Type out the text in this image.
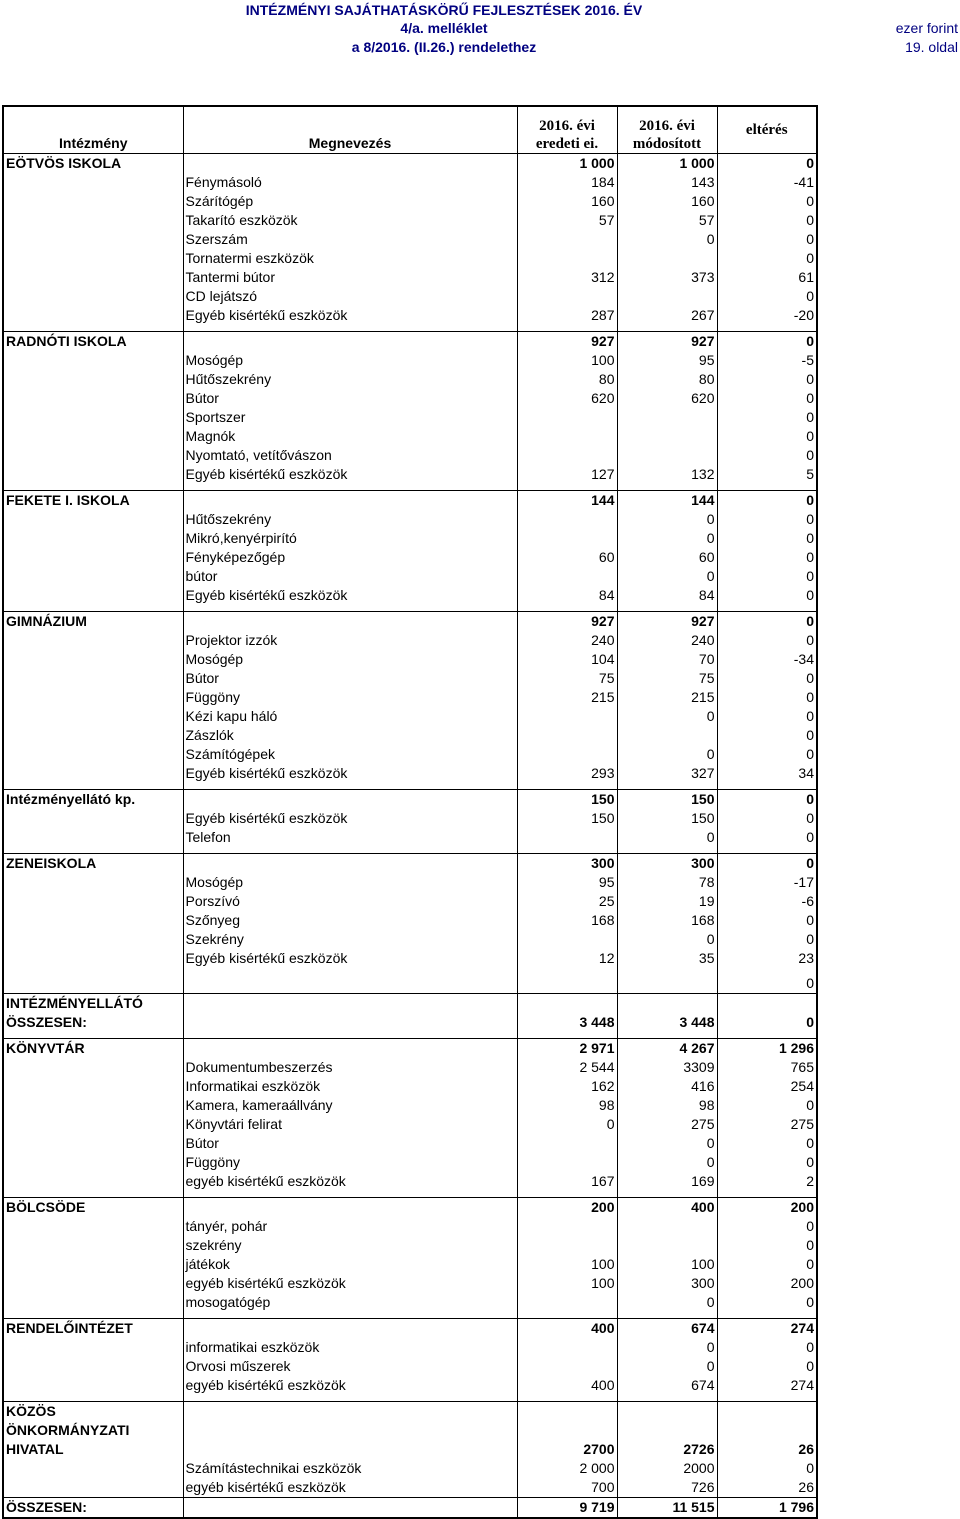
INTÉZMÉNYI SAJÁTHATÁSKÖRŰ FEJLESZTÉSEK 2016. ÉV
4/a. melléklet
a 8/2016. (II.26.) rendelethez
ezer forint
19. oldal
Intézmény	Megnevezés	2016. évi eredeti ei.	2016. évi módosított	eltérés
EÖTVÖS ISKOLA		1 000	1 000	0
	Fénymásoló	184	143	-41
	Szárítógép	160	160	0
	Takarító eszközök	57	57	0
	Szerszám		0	0
	Tornatermi eszközök			0
	Tantermi bútor	312	373	61
	CD lejátszó			0
	Egyéb kisértékű eszközök	287	267	-20

RADNÓTI ISKOLA		927	927	0
	Mosógép	100	95	-5
	Hűtőszekrény	80	80	0
	Bútor	620	620	0
	Sportszer			0
	Magnók			0
	Nyomtató, vetítővászon			0
	Egyéb kisértékű eszközök	127	132	5

FEKETE I. ISKOLA		144	144	0
	Hűtőszekrény		0	0
	Mikró,kenyérpirító		0	0
	Fényképezőgép	60	60	0
	bútor		0	0
	Egyéb kisértékű eszközök	84	84	0

GIMNÁZIUM		927	927	0
	Projektor izzók	240	240	0
	Mosógép	104	70	-34
	Bútor	75	75	0
	Függöny	215	215	0
	Kézi kapu háló		0	0
	Zászlók			0
	Számítógépek		0	0
	Egyéb kisértékű eszközök	293	327	34

Intézményellátó kp.		150	150	0
	Egyéb kisértékű eszközök	150	150	0
	Telefon		0	0

ZENEISKOLA		300	300	0
	Mosógép	95	78	-17
	Porszívó	25	19	-6
	Szőnyeg	168	168	0
	Szekrény		0	0
	Egyéb kisértékű eszközök	12	35	23

				0

INTÉZMÉNYELLÁTÓ
ÖSSZESEN:		3 448	3 448	0

KÖNYVTÁR		2 971	4 267	1 296
	Dokumentumbeszerzés	2 544	3309	765
	Informatikai eszközök	162	416	254
	Kamera, kameraállvány	98	98	0
	Könyvtári felirat	0	275	275
	Bútor		0	0
	Függöny		0	0
	egyéb kisértékű eszközök	167	169	2

BÖLCSÖDE		200	400	200
	tányér, pohár			0
	szekrény			0
	játékok	100	100	0
	egyéb kisértékű eszközök	100	300	200
	mosogatógép		0	0

RENDELŐINTÉZET		400	674	274
	informatikai eszközök		0	0
	Orvosi műszerek		0	0
	egyéb kisértékű eszközök	400	674	274

KÖZÖS
ÖNKORMÁNYZATI
HIVATAL		2700	2726	26
	Számítástechnikai eszközök	2 000	2000	0
	egyéb kisértékű eszközök	700	726	26
ÖSSZESEN:		9 719	11 515	1 796
